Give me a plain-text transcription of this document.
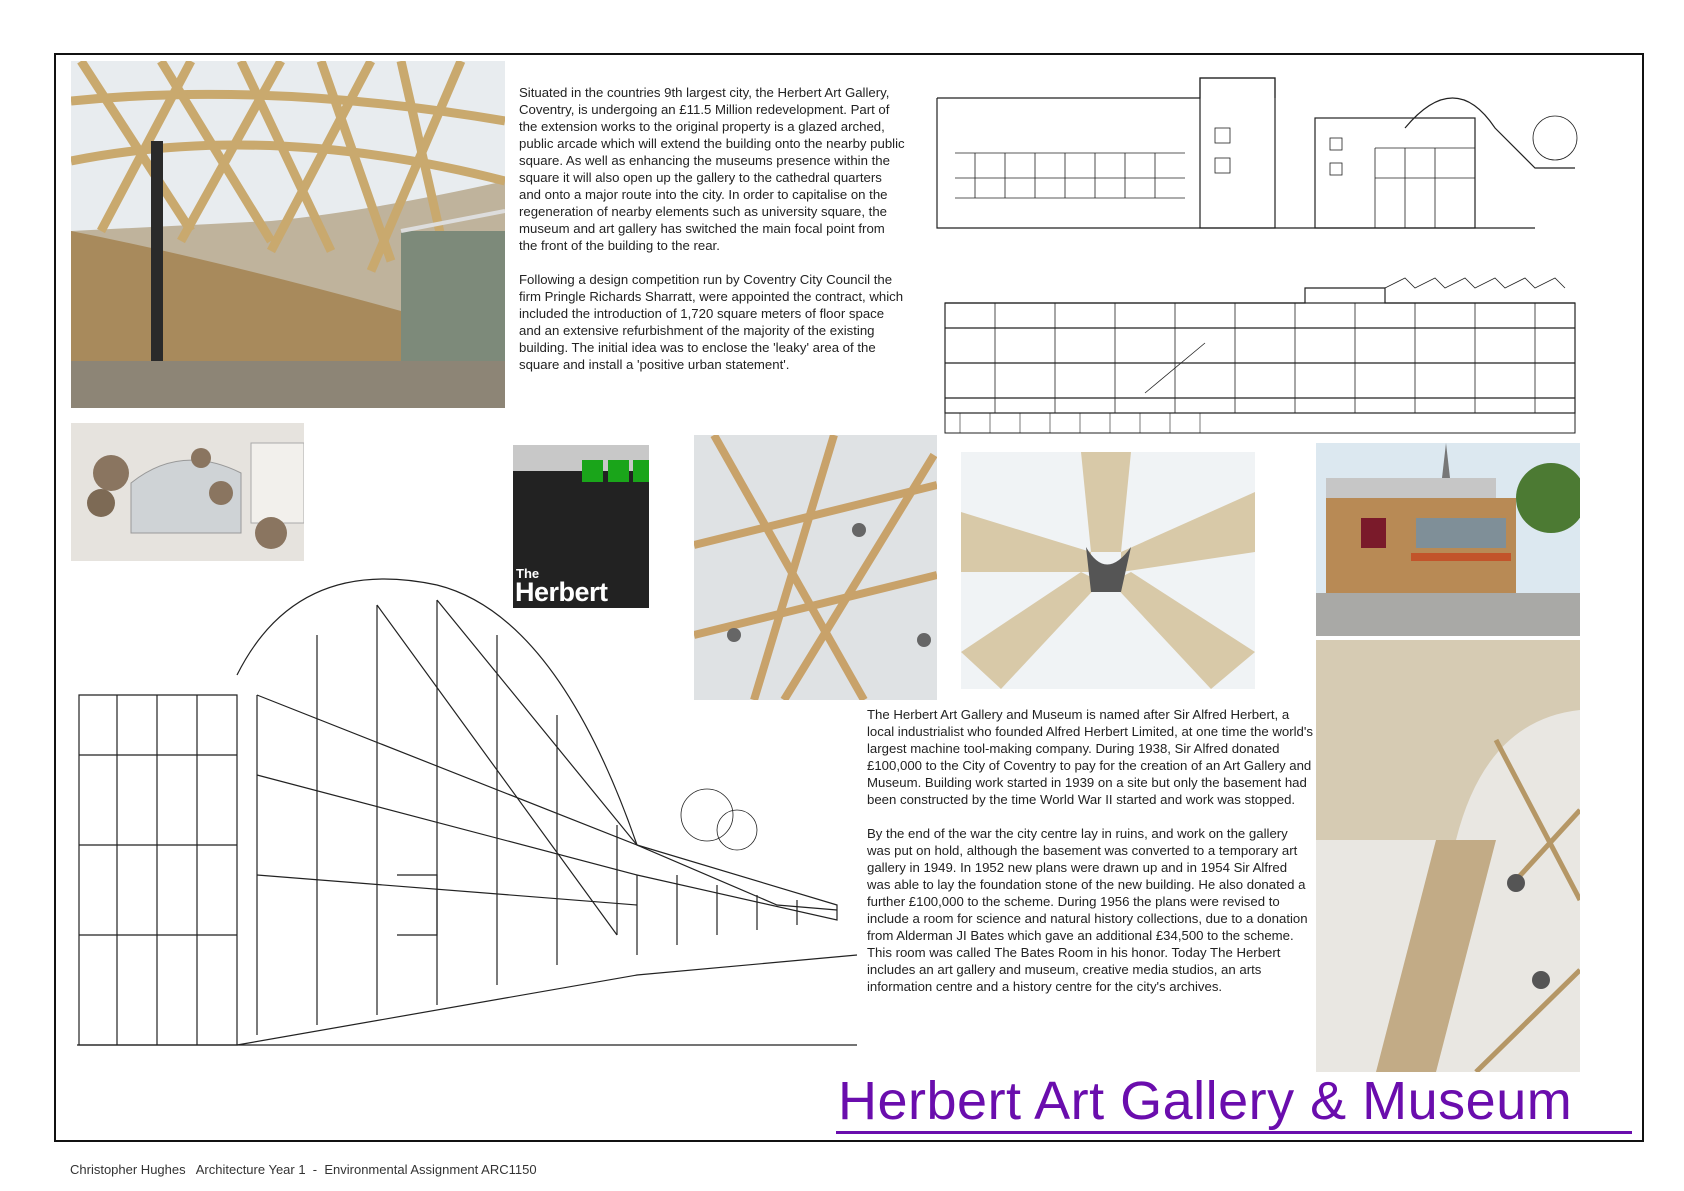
Situated in the countries 9th largest city, the Herbert Art Gallery, Coventry, is undergoing an £11.5 Million redevelopment. Part of the extension works to the original property is a glazed arched, public arcade which will extend the building onto the nearby public square. As well as enhancing the museums presence within the square it will also open up the gallery to the cathedral quarters and onto a major route into the city. In order to capitalise on the regeneration of nearby elements such as university square, the museum and art gallery has switched the main focal point from the front of the building to the rear.

Following a design competition run by Coventry City Council the firm Pringle Richards Sharratt, were appointed the contract, which included the introduction of 1,720 square meters of floor space and an extensive refurbishment of the majority of the existing building. The initial idea was to enclose the 'leaky' area of the square and install a 'positive urban statement'.

The
Herbert

The Herbert Art Gallery and Museum is named after Sir Alfred Herbert, a local industrialist who founded Alfred Herbert Limited, at one time the world's largest machine tool-making company. During 1938, Sir Alfred donated £100,000 to the City of Coventry to pay for the creation of an Art Gallery and Museum. Building work started in 1939 on a site but only the basement had been constructed by the time World War II started and work was stopped.

By the end of the war the city centre lay in ruins, and work on the gallery was put on hold, although the basement was converted to a temporary art gallery in 1949. In 1952 new plans were drawn up and in 1954 Sir Alfred was able to lay the foundation stone of the new building. He also donated a further £100,000 to the scheme. During 1956 the plans were revised to include a room for science and natural history collections, due to a donation from Alderman JI Bates which gave an additional £34,500 to the scheme. This room was called The Bates Room in his honor. Today The Herbert includes an art gallery and museum, creative media studios, an arts information centre and a history centre for the city's archives.

Herbert Art Gallery & Museum
Christopher Hughes   Architecture Year 1  -  Environmental Assignment ARC1150
